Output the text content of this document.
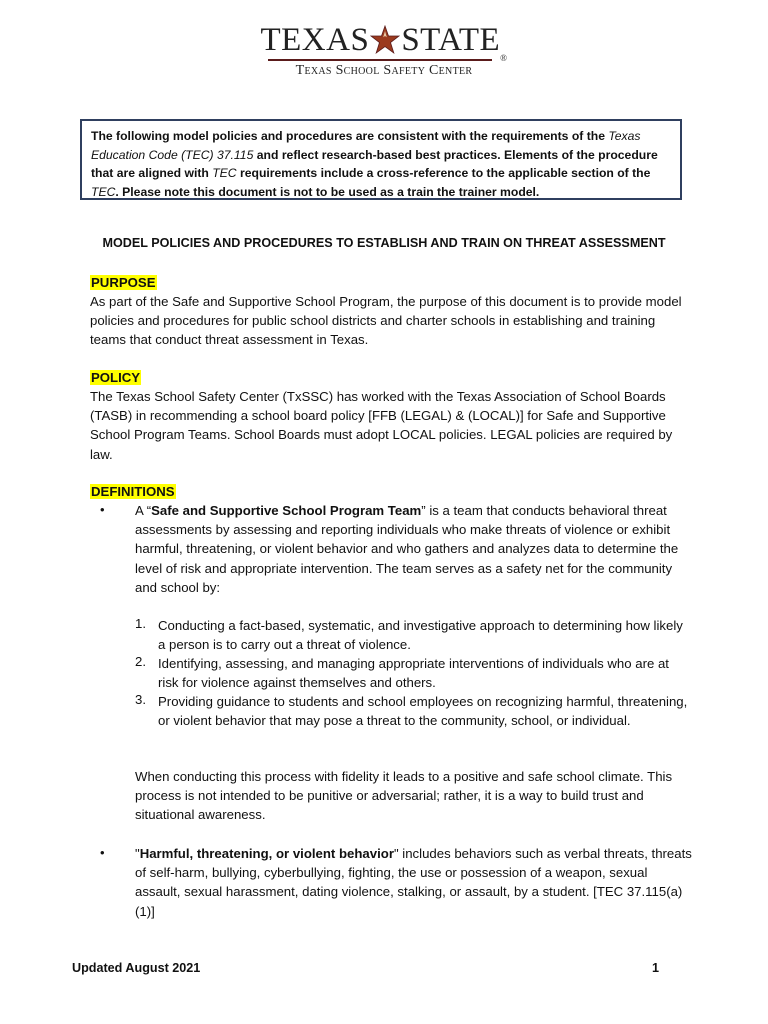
TEXAS STATE®
Texas School Safety Center
The following model policies and procedures are consistent with the requirements of the Texas Education Code (TEC) 37.115 and reflect research-based best practices. Elements of the procedure that are aligned with TEC requirements include a cross-reference to the applicable section of the TEC. Please note this document is not to be used as a train the trainer model.
MODEL POLICIES AND PROCEDURES TO ESTABLISH AND TRAIN ON THREAT ASSESSMENT
PURPOSE
As part of the Safe and Supportive School Program, the purpose of this document is to provide model policies and procedures for public school districts and charter schools in establishing and training teams that conduct threat assessment in Texas.
POLICY
The Texas School Safety Center (TxSSC) has worked with the Texas Association of School Boards (TASB) in recommending a school board policy [FFB (LEGAL) & (LOCAL)] for Safe and Supportive School Program Teams. School Boards must adopt LOCAL policies. LEGAL policies are required by law.
DEFINITIONS
• A “Safe and Supportive School Program Team” is a team that conducts behavioral threat assessments by assessing and reporting individuals who make threats of violence or exhibit harmful, threatening, or violent behavior and who gathers and analyzes data to determine the level of risk and appropriate intervention. The team serves as a safety net for the community and school by:
1. Conducting a fact-based, systematic, and investigative approach to determining how likely a person is to carry out a threat of violence.
2. Identifying, assessing, and managing appropriate interventions of individuals who are at risk for violence against themselves and others.
3. Providing guidance to students and school employees on recognizing harmful, threatening, or violent behavior that may pose a threat to the community, school, or individual.
When conducting this process with fidelity it leads to a positive and safe school climate. This process is not intended to be punitive or adversarial; rather, it is a way to build trust and situational awareness.
• "Harmful, threatening, or violent behavior" includes behaviors such as verbal threats, threats of self-harm, bullying, cyberbullying, fighting, the use or possession of a weapon, sexual assault, sexual harassment, dating violence, stalking, or assault, by a student. [TEC 37.115(a)(1)]
Updated August 2021	1
